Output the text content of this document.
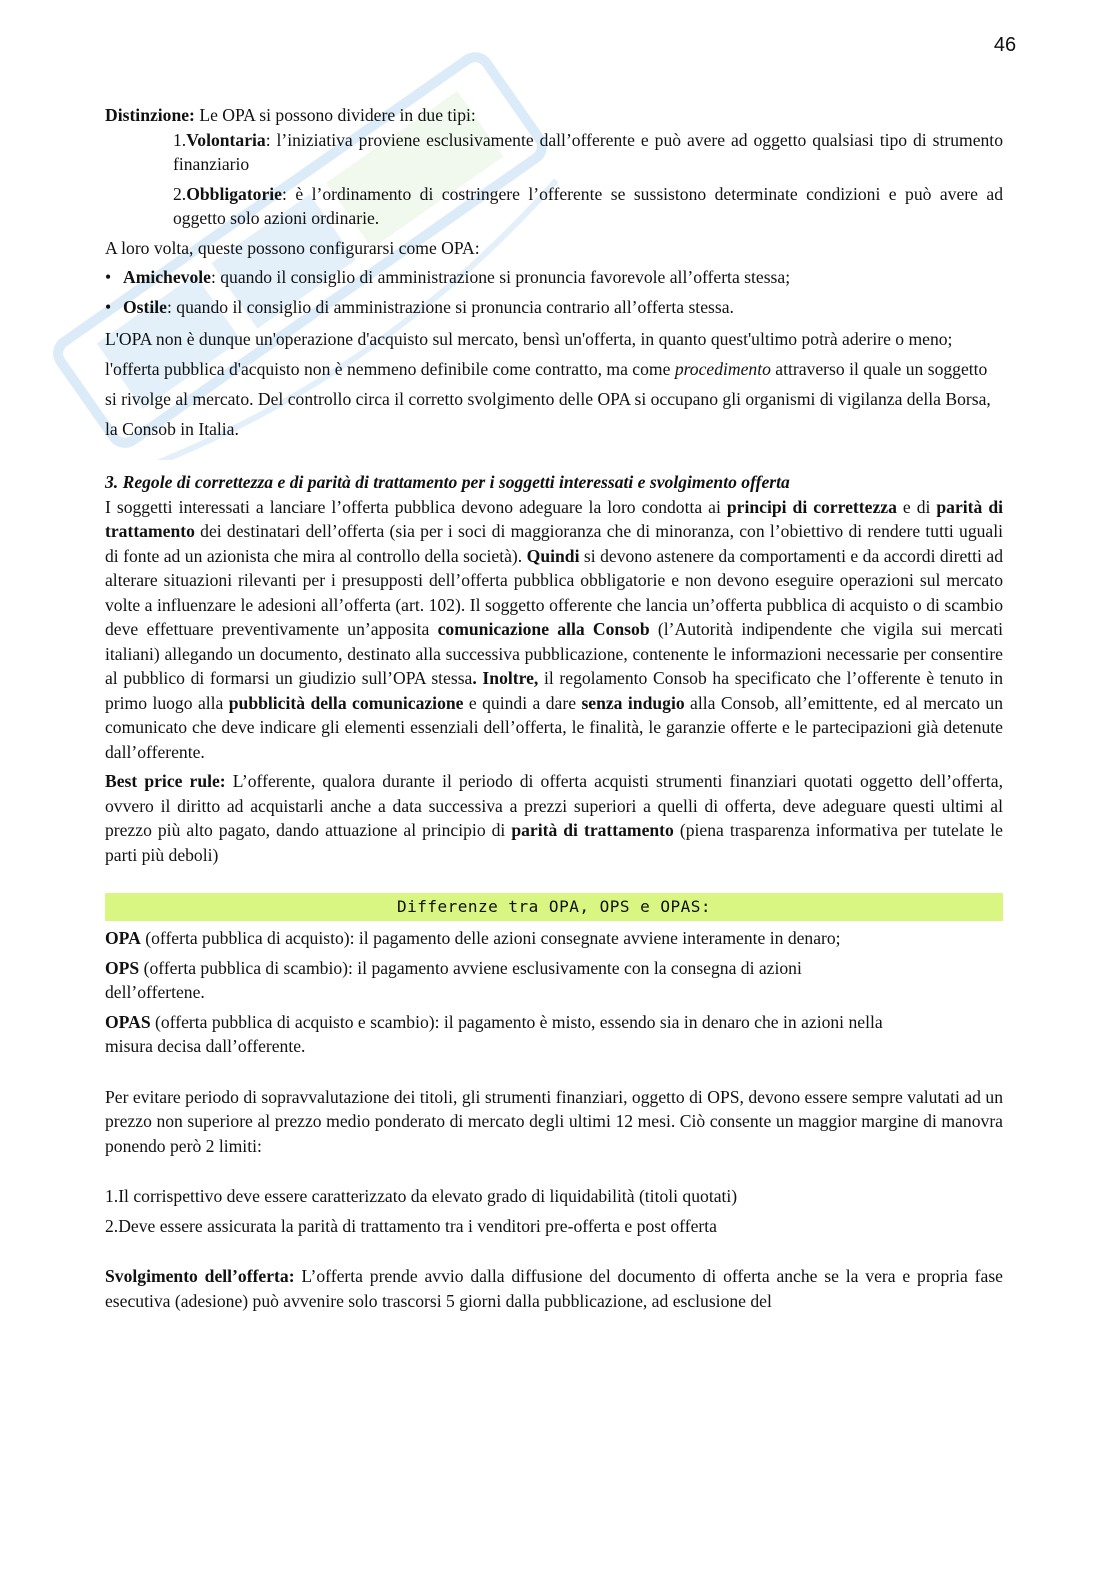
46

Distinzione: Le OPA si possono dividere in due tipi:

1.Volontaria: l’iniziativa proviene esclusivamente dall’offerente e può avere ad oggetto qualsiasi tipo di strumento finanziario

2.Obbligatorie: è l’ordinamento di costringere l’offerente se sussistono determinate condizioni e può avere ad oggetto solo azioni ordinarie.

A loro volta, queste possono configurarsi come OPA:

• Amichevole: quando il consiglio di amministrazione si pronuncia favorevole all’offerta stessa;
• Ostile: quando il consiglio di amministrazione si pronuncia contrario all’offerta stessa.

L'OPA non è dunque un'operazione d'acquisto sul mercato, bensì un'offerta, in quanto quest'ultimo potrà aderire o meno; l'offerta pubblica d'acquisto non è nemmeno definibile come contratto, ma come procedimento attraverso il quale un soggetto si rivolge al mercato. Del controllo circa il corretto svolgimento delle OPA si occupano gli organismi di vigilanza della Borsa, la Consob in Italia.

3. Regole di correttezza e di parità di trattamento per i soggetti interessati e svolgimento offerta

I soggetti interessati a lanciare l’offerta pubblica devono adeguare la loro condotta ai principi di correttezza e di parità di trattamento dei destinatari dell’offerta (sia per i soci di maggioranza che di minoranza, con l’obiettivo di rendere tutti uguali di fonte ad un azionista che mira al controllo della società). Quindi si devono astenere da comportamenti e da accordi diretti ad alterare situazioni rilevanti per i presupposti dell’offerta pubblica obbligatorie e non devono eseguire operazioni sul mercato volte a influenzare le adesioni all’offerta (art. 102). Il soggetto offerente che lancia un’offerta pubblica di acquisto o di scambio deve effettuare preventivamente un’apposita comunicazione alla Consob (l’Autorità indipendente che vigila sui mercati italiani) allegando un documento, destinato alla successiva pubblicazione, contenente le informazioni necessarie per consentire al pubblico di formarsi un giudizio sull’OPA stessa. Inoltre, il regolamento Consob ha specificato che l’offerente è tenuto in primo luogo alla pubblicità della comunicazione e quindi a dare senza indugio alla Consob, all’emittente, ed al mercato un comunicato che deve indicare gli elementi essenziali dell’offerta, le finalità, le garanzie offerte e le partecipazioni già detenute dall’offerente.

Best price rule: L’offerente, qualora durante il periodo di offerta acquisti strumenti finanziari quotati oggetto dell’offerta, ovvero il diritto ad acquistarli anche a data successiva a prezzi superiori a quelli di offerta, deve adeguare questi ultimi al prezzo più alto pagato, dando attuazione al principio di parità di trattamento (piena trasparenza informativa per tutelate le parti più deboli)

Differenze tra OPA, OPS e OPAS:

OPA (offerta pubblica di acquisto): il pagamento delle azioni consegnate avviene interamente in denaro;

OPS (offerta pubblica di scambio): il pagamento avviene esclusivamente con la consegna di azioni dell’offertene.

OPAS (offerta pubblica di acquisto e scambio): il pagamento è misto, essendo sia in denaro che in azioni nella misura decisa dall’offerente.

Per evitare periodo di sopravvalutazione dei titoli, gli strumenti finanziari, oggetto di OPS, devono essere sempre valutati ad un prezzo non superiore al prezzo medio ponderato di mercato degli ultimi 12 mesi. Ciò consente un maggior margine di manovra ponendo però 2 limiti:

1.Il corrispettivo deve essere caratterizzato da elevato grado di liquidabilità (titoli quotati)

2.Deve essere assicurata la parità di trattamento tra i venditori pre-offerta e post offerta

Svolgimento dell’offerta: L’offerta prende avvio dalla diffusione del documento di offerta anche se la vera e propria fase esecutiva (adesione) può avvenire solo trascorsi 5 giorni dalla pubblicazione, ad esclusione del
